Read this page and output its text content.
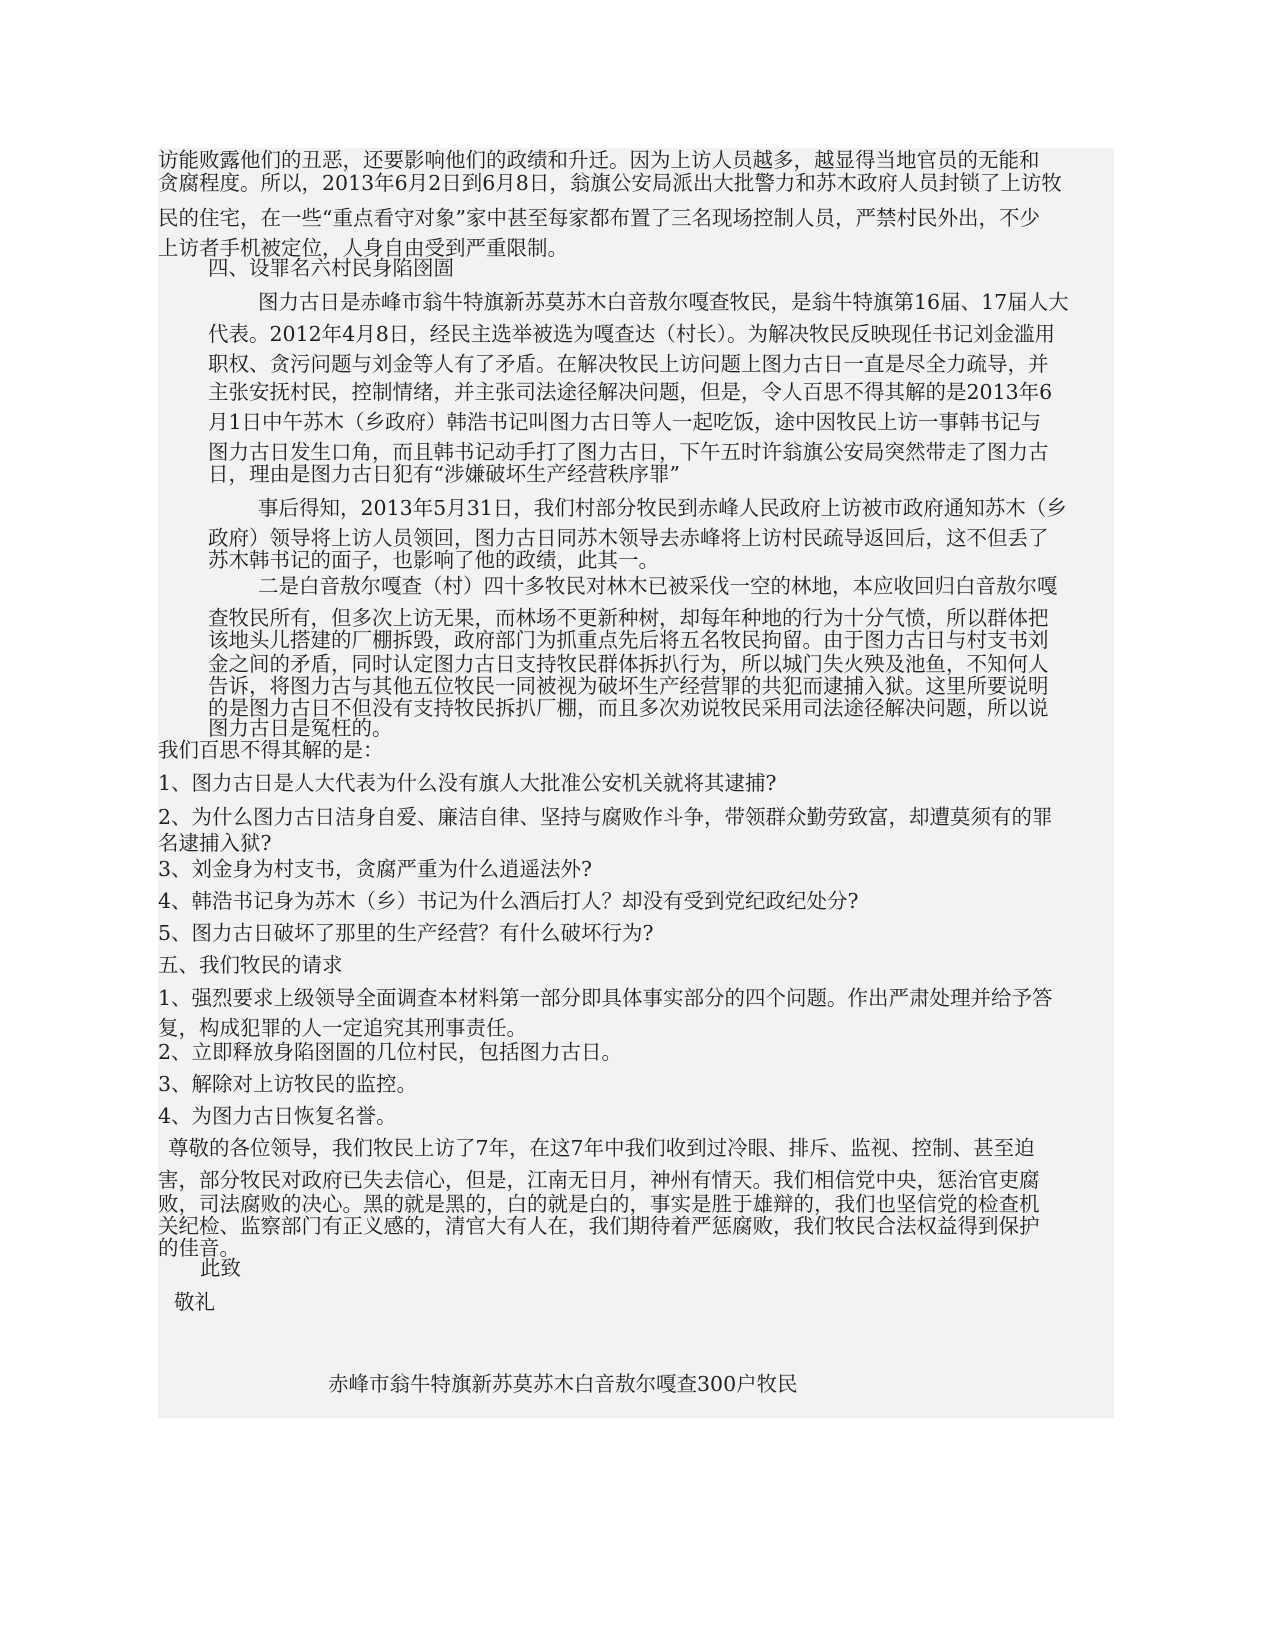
访能败露他们的丑恶，还要影响他们的政绩和升迁。因为上访人员越多，越显得当地官员的无能和
贪腐程度。所以，2013年6月2日到6月8日，翁旗公安局派出大批警力和苏木政府人员封锁了上访牧
民的住宅，在一些“重点看守对象”家中甚至每家都布置了三名现场控制人员，严禁村民外出，不少
上访者手机被定位，人身自由受到严重限制。
四、设罪名六村民身陷囹圄
图力古日是赤峰市翁牛特旗新苏莫苏木白音敖尔嘎查牧民，是翁牛特旗第16届、17届人大
代表。2012年4月8日，经民主选举被选为嘎查达（村长）。为解决牧民反映现任书记刘金滥用
职权、贪污问题与刘金等人有了矛盾。在解决牧民上访问题上图力古日一直是尽全力疏导，并
主张安抚村民，控制情绪，并主张司法途径解决问题，但是，令人百思不得其解的是2013年6
月1日中午苏木（乡政府）韩浩书记叫图力古日等人一起吃饭，途中因牧民上访一事韩书记与
图力古日发生口角，而且韩书记动手打了图力古日，下午五时许翁旗公安局突然带走了图力古
日，理由是图力古日犯有“涉嫌破坏生产经营秩序罪”
事后得知，2013年5月31日，我们村部分牧民到赤峰人民政府上访被市政府通知苏木（乡
政府）领导将上访人员领回，图力古日同苏木领导去赤峰将上访村民疏导返回后，这不但丢了
苏木韩书记的面子，也影响了他的政绩，此其一。
二是白音敖尔嘎查（村）四十多牧民对林木已被采伐一空的林地，本应收回归白音敖尔嘎
查牧民所有，但多次上访无果，而林场不更新种树，却每年种地的行为十分气愤，所以群体把
该地头儿搭建的厂棚拆毁，政府部门为抓重点先后将五名牧民拘留。由于图力古日与村支书刘
金之间的矛盾，同时认定图力古日支持牧民群体拆扒行为，所以城门失火殃及池鱼，不知何人
告诉，将图力古与其他五位牧民一同被视为破坏生产经营罪的共犯而逮捕入狱。这里所要说明
的是图力古日不但没有支持牧民拆扒厂棚，而且多次劝说牧民采用司法途径解决问题，所以说
图力古日是冤枉的。
我们百思不得其解的是：
1、图力古日是人大代表为什么没有旗人大批准公安机关就将其逮捕?
2、为什么图力古日洁身自爱、廉洁自律、坚持与腐败作斗争，带领群众勤劳致富，却遭莫须有的罪
名逮捕入狱?
3、刘金身为村支书，贪腐严重为什么逍遥法外?
4、韩浩书记身为苏木（乡）书记为什么酒后打人？却没有受到党纪政纪处分?
5、图力古日破坏了那里的生产经营？有什么破坏行为?
五、我们牧民的请求
1、强烈要求上级领导全面调查本材料第一部分即具体事实部分的四个问题。作出严肃处理并给予答
复，构成犯罪的人一定追究其刑事责任。
2、立即释放身陷囹圄的几位村民，包括图力古日。
3、解除对上访牧民的监控。
4、为图力古日恢复名誉。
尊敬的各位领导，我们牧民上访了7年，在这7年中我们收到过冷眼、排斥、监视、控制、甚至迫
害，部分牧民对政府已失去信心，但是，江南无日月，神州有情天。我们相信党中央，惩治官吏腐
败，司法腐败的决心。黑的就是黑的，白的就是白的，事实是胜于雄辩的，我们也坚信党的检查机
关纪检、监察部门有正义感的，清官大有人在，我们期待着严惩腐败，我们牧民合法权益得到保护
的佳音。
此致
敬礼
赤峰市翁牛特旗新苏莫苏木白音敖尔嘎查300户牧民
